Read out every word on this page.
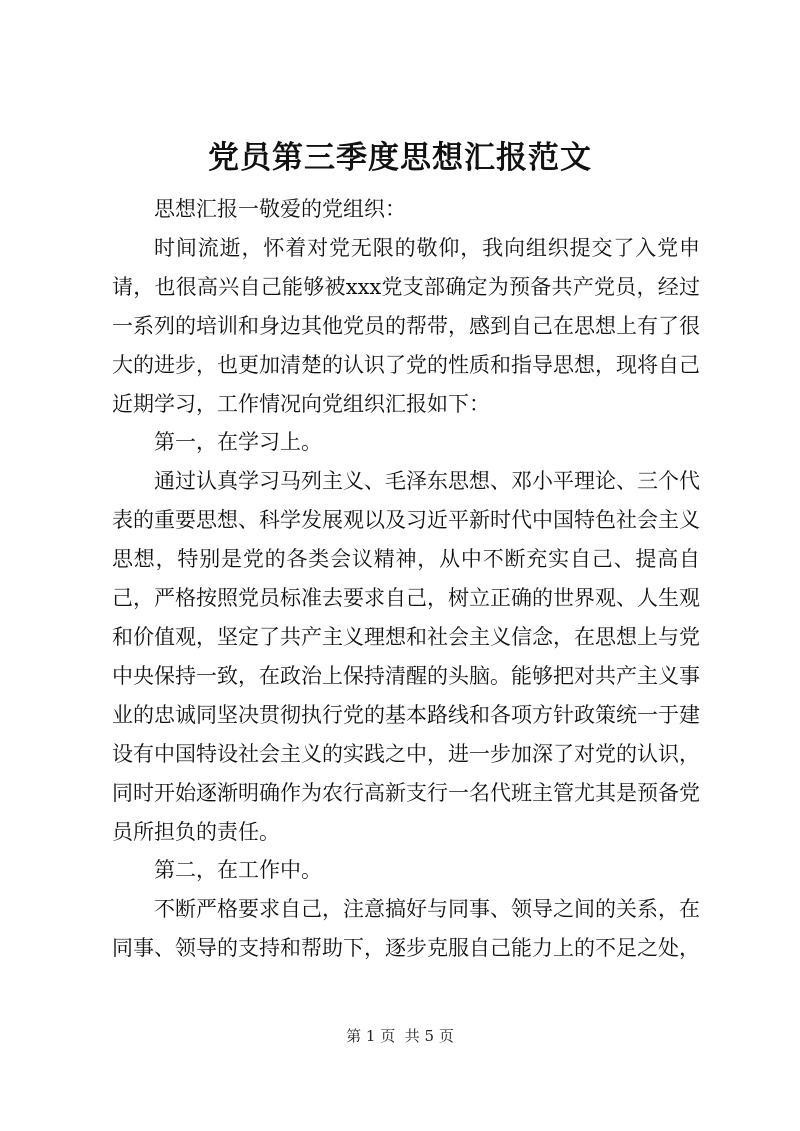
党员第三季度思想汇报范文

思想汇报一敬爱的党组织：

时间流逝，怀着对党无限的敬仰，我向组织提交了入党申请，也很高兴自己能够被xxx党支部确定为预备共产党员，经过一系列的培训和身边其他党员的帮带，感到自己在思想上有了很大的进步，也更加清楚的认识了党的性质和指导思想，现将自己近期学习，工作情况向党组织汇报如下：

第一，在学习上。

通过认真学习马列主义、毛泽东思想、邓小平理论、三个代表的重要思想、科学发展观以及习近平新时代中国特色社会主义思想，特别是党的各类会议精神，从中不断充实自己、提高自己，严格按照党员标准去要求自己，树立正确的世界观、人生观和价值观，坚定了共产主义理想和社会主义信念，在思想上与党中央保持一致，在政治上保持清醒的头脑。能够把对共产主义事业的忠诚同坚决贯彻执行党的基本路线和各项方针政策统一于建设有中国特设社会主义的实践之中，进一步加深了对党的认识，同时开始逐渐明确作为农行高新支行一名代班主管尤其是预备党员所担负的责任。

第二，在工作中。

不断严格要求自己，注意搞好与同事、领导之间的关系，在同事、领导的支持和帮助下，逐步克服自己能力上的不足之处，

第 1 页  共 5 页
